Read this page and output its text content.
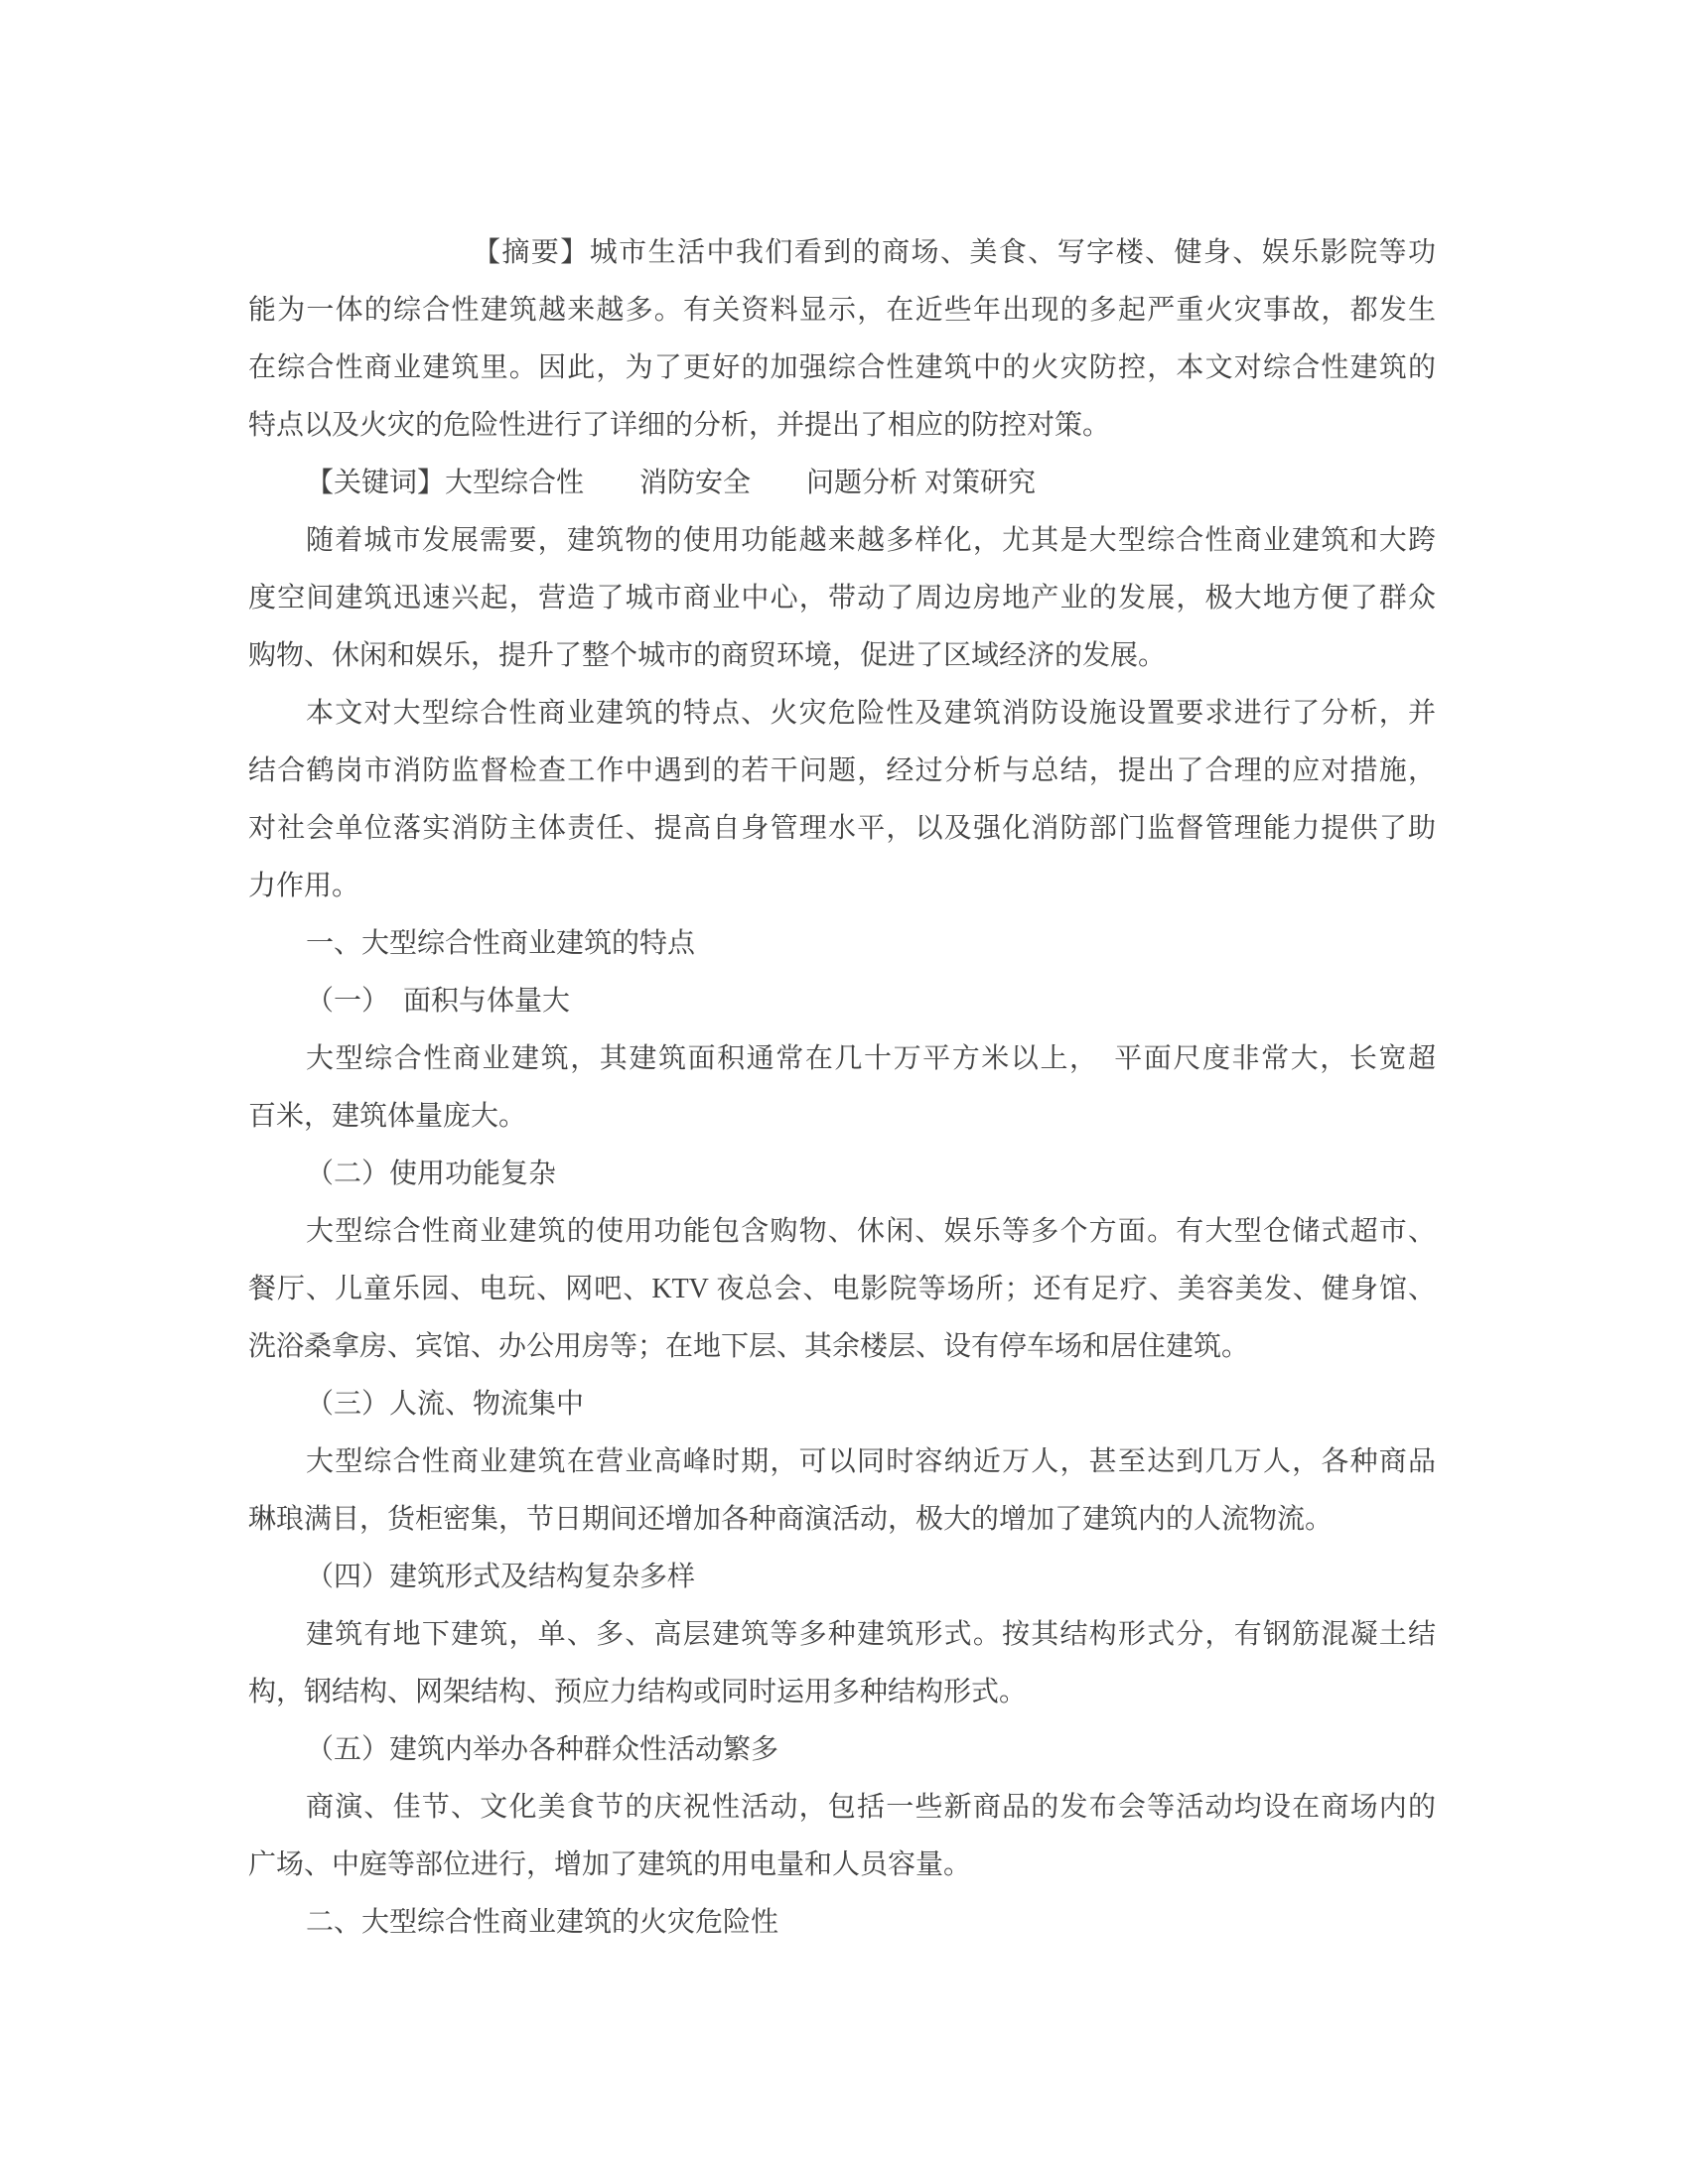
【摘要】城市生活中我们看到的商场、美食、写字楼、健身、娱乐影院等功
能为一体的综合性建筑越来越多。有关资料显示，在近些年出现的多起严重火灾事故，都发生
在综合性商业建筑里。因此，为了更好的加强综合性建筑中的火灾防控，本文对综合性建筑的
特点以及火灾的危险性进行了详细的分析，并提出了相应的防控对策。
【关键词】大型综合性　　消防安全　　问题分析 对策研究
随着城市发展需要，建筑物的使用功能越来越多样化，尤其是大型综合性商业建筑和大跨
度空间建筑迅速兴起，营造了城市商业中心，带动了周边房地产业的发展，极大地方便了群众
购物、休闲和娱乐，提升了整个城市的商贸环境，促进了区域经济的发展。
本文对大型综合性商业建筑的特点、火灾危险性及建筑消防设施设置要求进行了分析，并
结合鹤岗市消防监督检查工作中遇到的若干问题，经过分析与总结，提出了合理的应对措施，
对社会单位落实消防主体责任、提高自身管理水平，以及强化消防部门监督管理能力提供了助
力作用。
一、大型综合性商业建筑的特点
（一）　面积与体量大
大型综合性商业建筑，其建筑面积通常在几十万平方米以上，　平面尺度非常大，长宽超
百米，建筑体量庞大。
（二）使用功能复杂
大型综合性商业建筑的使用功能包含购物、休闲、娱乐等多个方面。有大型仓储式超市、
餐厅、儿童乐园、电玩、网吧、KTV 夜总会、电影院等场所；还有足疗、美容美发、健身馆、
洗浴桑拿房、宾馆、办公用房等；在地下层、其余楼层、设有停车场和居住建筑。
（三）人流、物流集中
大型综合性商业建筑在营业高峰时期，可以同时容纳近万人，甚至达到几万人，各种商品
琳琅满目，货柜密集，节日期间还增加各种商演活动，极大的增加了建筑内的人流物流。
（四）建筑形式及结构复杂多样
建筑有地下建筑，单、多、高层建筑等多种建筑形式。按其结构形式分，有钢筋混凝土结
构，钢结构、网架结构、预应力结构或同时运用多种结构形式。
（五）建筑内举办各种群众性活动繁多
商演、佳节、文化美食节的庆祝性活动，包括一些新商品的发布会等活动均设在商场内的
广场、中庭等部位进行，增加了建筑的用电量和人员容量。
二、大型综合性商业建筑的火灾危险性
